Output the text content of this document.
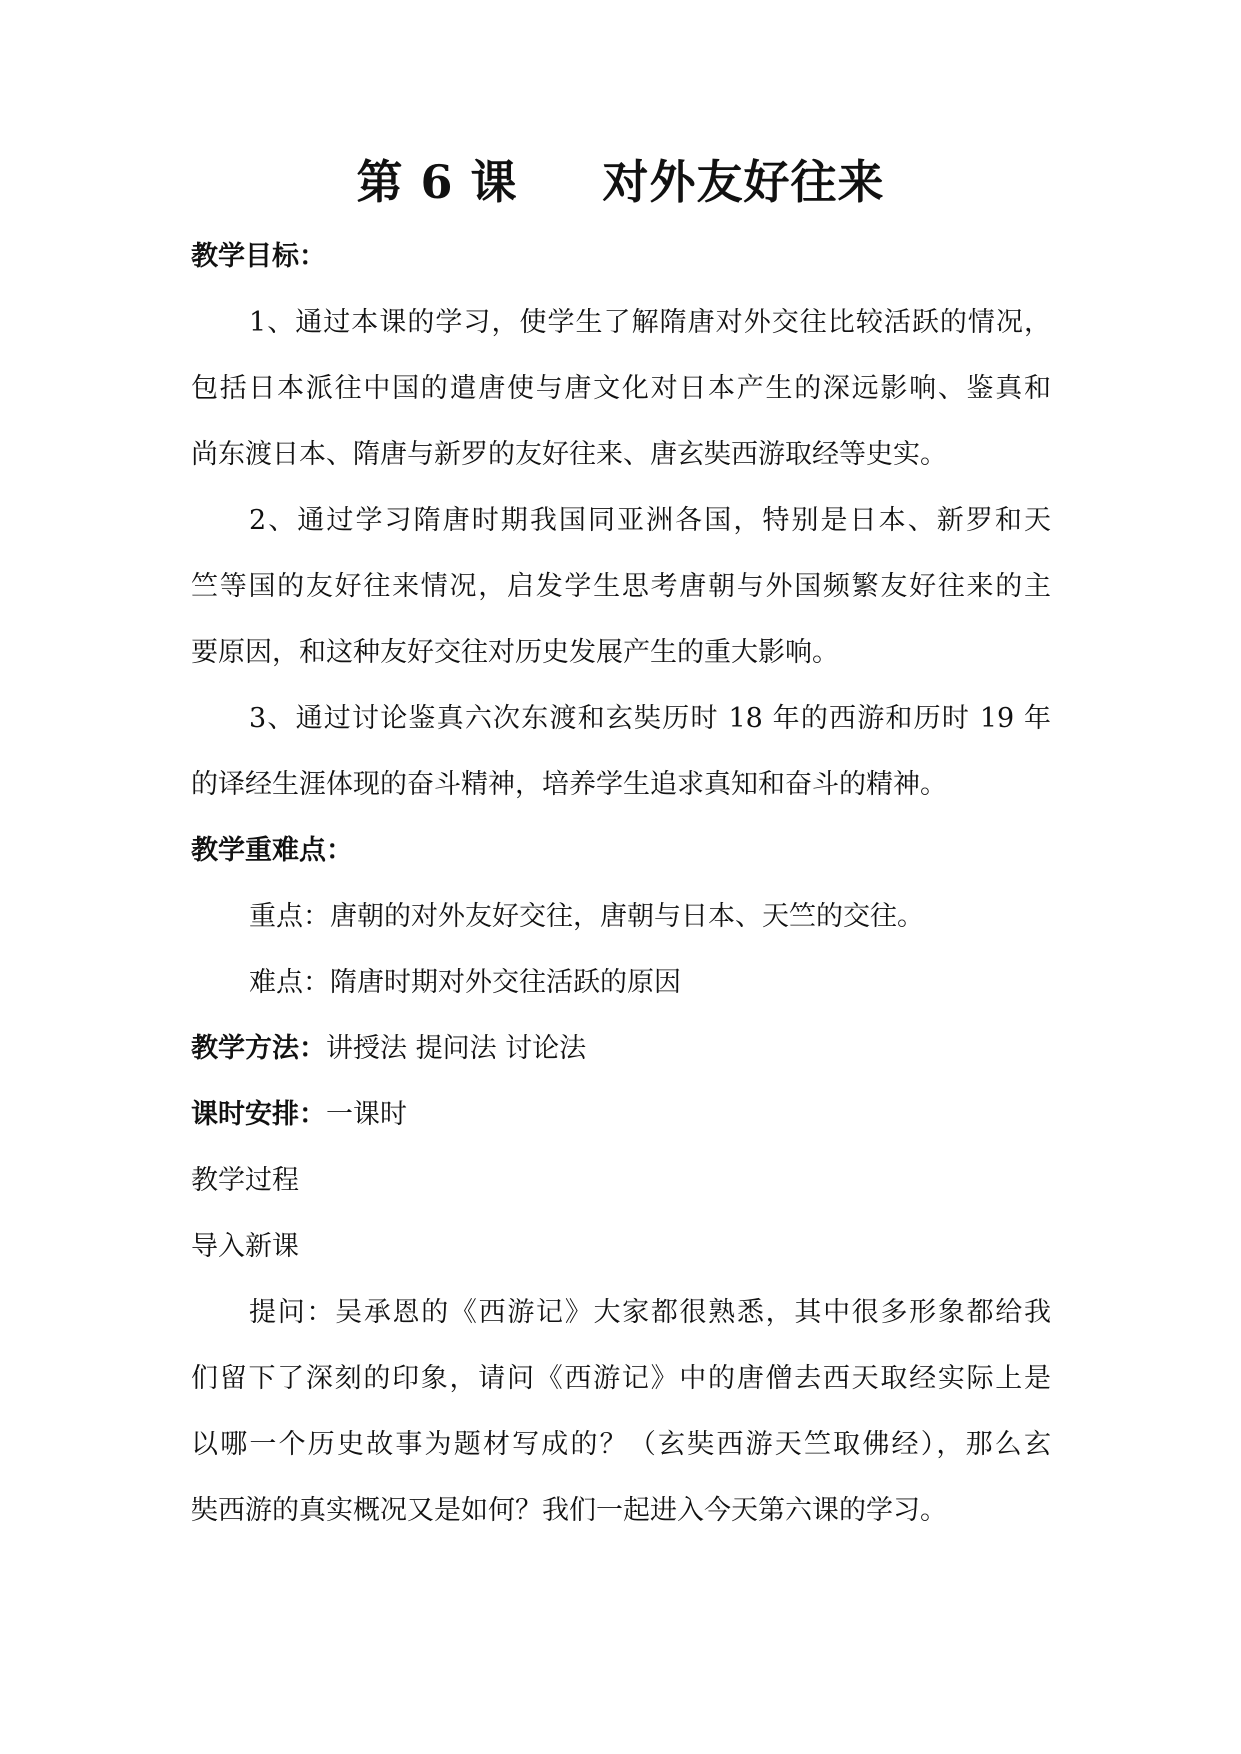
第 6 课     对外友好往来
教学目标：
1、通过本课的学习，使学生了解隋唐对外交往比较活跃的情况，
包括日本派往中国的遣唐使与唐文化对日本产生的深远影响、鉴真和
尚东渡日本、隋唐与新罗的友好往来、唐玄奘西游取经等史实。
2、通过学习隋唐时期我国同亚洲各国，特别是日本、新罗和天
竺等国的友好往来情况，启发学生思考唐朝与外国频繁友好往来的主
要原因，和这种友好交往对历史发展产生的重大影响。
3、通过讨论鉴真六次东渡和玄奘历时 18 年的西游和历时 19 年
的译经生涯体现的奋斗精神，培养学生追求真知和奋斗的精神。
教学重难点：
重点：唐朝的对外友好交往，唐朝与日本、天竺的交往。
难点：隋唐时期对外交往活跃的原因
教学方法：讲授法 提问法 讨论法
课时安排：一课时
教学过程
导入新课
提问：吴承恩的《西游记》大家都很熟悉，其中很多形象都给我
们留下了深刻的印象，请问《西游记》中的唐僧去西天取经实际上是
以哪一个历史故事为题材写成的？（玄奘西游天竺取佛经），那么玄
奘西游的真实概况又是如何？我们一起进入今天第六课的学习。
